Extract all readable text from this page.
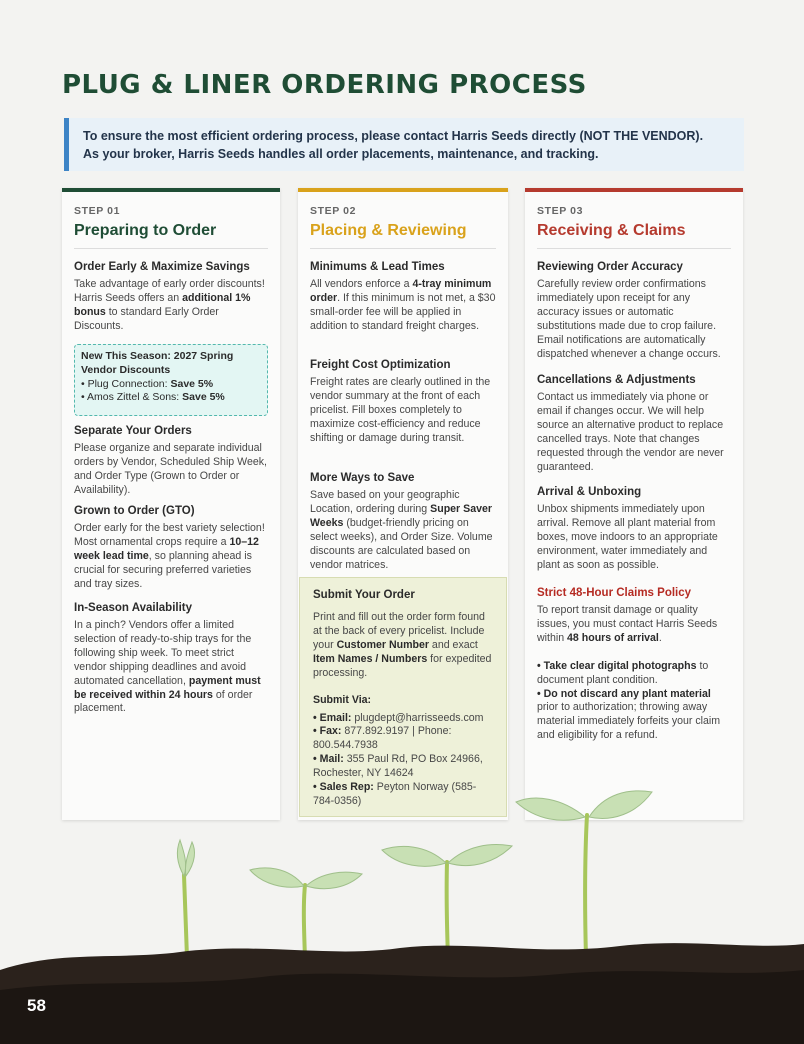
PLUG & LINER ORDERING PROCESS
To ensure the most efficient ordering process, please contact Harris Seeds directly (NOT THE VENDOR).
As your broker, Harris Seeds handles all order placements, maintenance, and tracking.
STEP 01
Preparing to Order
Order Early & Maximize Savings
Take advantage of early order discounts! Harris Seeds offers an additional 1% bonus to standard Early Order Discounts.
New This Season: 2027 Spring Vendor Discounts
• Plug Connection: Save 5%
• Amos Zittel & Sons: Save 5%
Separate Your Orders
Please organize and separate individual orders by Vendor, Scheduled Ship Week, and Order Type (Grown to Order or Availability).
Grown to Order (GTO)
Order early for the best variety selection! Most ornamental crops require a 10–12 week lead time, so planning ahead is crucial for securing preferred varieties and tray sizes.
In-Season Availability
In a pinch? Vendors offer a limited selection of ready-to-ship trays for the following ship week. To meet strict vendor shipping deadlines and avoid automated cancellation, payment must be received within 24 hours of order placement.
STEP 02
Placing & Reviewing
Minimums & Lead Times
All vendors enforce a 4-tray minimum order. If this minimum is not met, a $30 small-order fee will be applied in addition to standard freight charges.
Freight Cost Optimization
Freight rates are clearly outlined in the vendor summary at the front of each pricelist. Fill boxes completely to maximize cost-efficiency and reduce shifting or damage during transit.
More Ways to Save
Save based on your geographic Location, ordering during Super Saver Weeks (budget-friendly pricing on select weeks), and Order Size. Volume discounts are calculated based on vendor matrices.
Submit Your Order
Print and fill out the order form found at the back of every pricelist. Include your Customer Number and exact Item Names / Numbers for expedited processing.
Submit Via:
• Email: plugdept@harrisseeds.com
• Fax: 877.892.9197 | Phone: 800.544.7938
• Mail: 355 Paul Rd, PO Box 24966, Rochester, NY 14624
• Sales Rep: Peyton Norway (585-784-0356)
STEP 03
Receiving & Claims
Reviewing Order Accuracy
Carefully review order confirmations immediately upon receipt for any accuracy issues or automatic substitutions made due to crop failure. Email notifications are automatically dispatched whenever a change occurs.
Cancellations & Adjustments
Contact us immediately via phone or email if changes occur. We will help source an alternative product to replace cancelled trays. Note that changes requested through the vendor are never guaranteed.
Arrival & Unboxing
Unbox shipments immediately upon arrival. Remove all plant material from boxes, move indoors to an appropriate environment, water immediately and plant as soon as possible.
Strict 48-Hour Claims Policy
To report transit damage or quality issues, you must contact Harris Seeds within 48 hours of arrival.
• Take clear digital photographs to document plant condition.
• Do not discard any plant material prior to authorization; throwing away material immediately forfeits your claim and eligibility for a refund.
58
